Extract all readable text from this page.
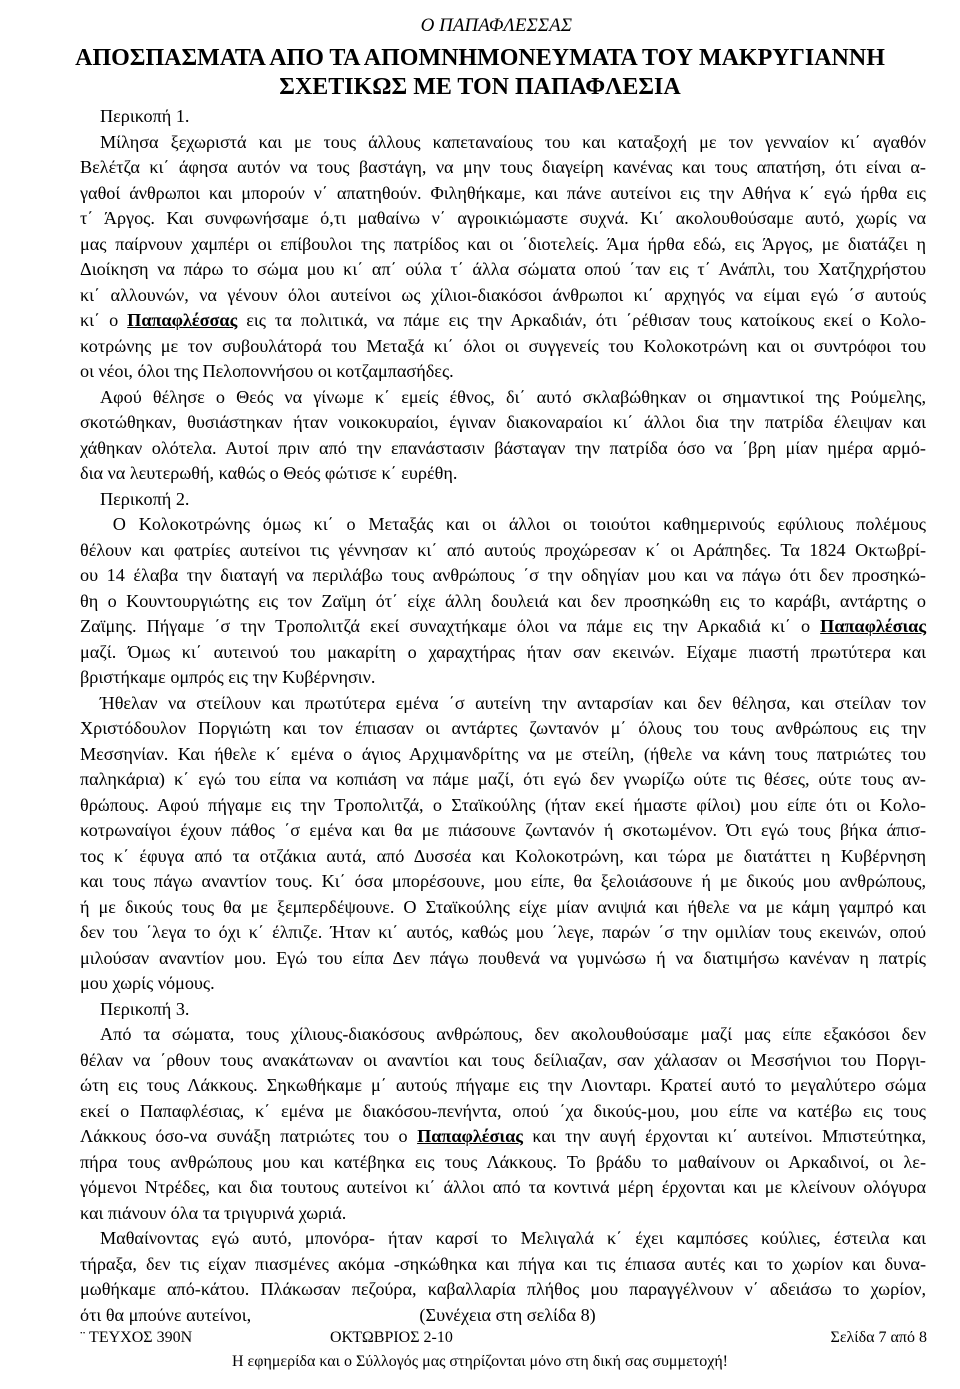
Ο ΠΑΠΑΦΛΕΣΣΑΣ
ΑΠΟΣΠΑΣΜΑΤΑ ΑΠΟ ΤΑ ΑΠΟΜΝΗΜΟΝΕΥΜΑΤΑ ΤΟΥ ΜΑΚΡΥΓΙΑΝΝΗ
ΣΧΕΤΙΚΩΣ ΜΕ ΤΟΝ ΠΑΠΑΦΛΕΣΙΑ
Περικοπή 1.
Μίλησα ξεχωριστά και με τους άλλους καπεταναίους του και καταξοχή με τον γενναίον κι΄ αγαθόν
Βελέτζα κι΄ άφησα αυτόν να τους βαστάγη, να μην τους διαγείρη κανένας και τους απατήση, ότι είναι α-
γαθοί άνθρωποι και μπορούν ν΄ απατηθούν. Φιληθήκαμε, και πάνε αυτείνοι εις την Αθήνα κ΄ εγώ ήρθα εις
τ΄ Άργος. Και συνφωνήσαμε ό,τι μαθαίνω ν΄ αγροικιώμαστε συχνά. Κι΄ ακολουθούσαμε αυτό, χωρίς να
μας παίρνουν χαμπέρι οι επίβουλοι της πατρίδος και οι ΄διοτελείς. Άμα ήρθα εδώ, εις Άργος, με διατάζει η
Διοίκηση να πάρω το σώμα μου κι΄ απ΄ ούλα τ΄ άλλα σώματα οπού ΄ταν εις τ΄ Ανάπλι, του Χατζηχρήστου
κι΄ αλλουνών, να γένουν όλοι αυτείνοι ως χίλιοι-διακόσοι άνθρωποι κι΄ αρχηγός να είμαι εγώ ΄σ αυτούς
κι΄ ο Παπαφλέσσας εις τα πολιτικά, να πάμε εις την Αρκαδιάν, ότι ΄ρέθισαν τους κατοίκους εκεί ο Κολο-
κοτρώνης με τον συβουλάτορά του Μεταξά κι΄ όλοι οι συγγενείς του Κολοκοτρώνη και οι συντρόφοι του
οι νέοι, όλοι της Πελοποννήσου οι κοτζαμπασήδες.
Αφού θέλησε ο Θεός να γίνωμε κ΄ εμείς έθνος, δι΄ αυτό σκλαβώθηκαν οι σημαντικοί της Ρούμελης,
σκοτώθηκαν, θυσιάστηκαν ήταν νοικοκυραίοι, έγιναν διακοναραίοι κι΄ άλλοι δια την πατρίδα έλειψαν και
χάθηκαν ολότελα. Αυτοί πριν από την επανάστασιν βάσταγαν την πατρίδα όσο να ΄βρη μίαν ημέρα αρμό-
δια να λευτερωθή, καθώς ο Θεός φώτισε κ΄ ευρέθη.
Περικοπή 2.
Ο Κολοκοτρώνης όμως κι΄ ο Μεταξάς και οι άλλοι οι τοιούτοι καθημερινούς εφύλιους πολέμους
θέλουν και φατρίες αυτείνοι τις γέννησαν κι΄ από αυτούς προχώρεσαν κ΄ οι Αράπηδες. Τα 1824 Οκτωβρί-
ου 14 έλαβα την διαταγή να περιλάβω τους ανθρώπους ΄σ την οδηγίαν μου και να πάγω ότι δεν προσηκώ-
θη ο Κουντουργιώτης εις τον Ζαϊμη ότ΄ είχε άλλη δουλειά και δεν προσηκώθη εις το καράβι, αντάρτης ο
Ζαϊμης. Πήγαμε ΄σ την Τροπολιτζά εκεί συναχτήκαμε όλοι να πάμε εις την Αρκαδιά κι΄ ο Παπαφλέσιας
μαζί. Όμως κι΄ αυτεινού του μακαρίτη ο χαραχτήρας ήταν σαν εκεινών. Είχαμε πιαστή πρωτύτερα και
βριστήκαμε ομπρός εις την Κυβέρνησιν.
Ήθελαν να στείλουν και πρωτύτερα εμένα ΄σ αυτείνη την ανταρσίαν και δεν θέλησα, και στείλαν τον
Χριστόδουλον Ποργιώτη και τον έπιασαν οι αντάρτες ζωντανόν μ΄ όλους του τους ανθρώπους εις την
Μεσσηνίαν. Και ήθελε κ΄ εμένα ο άγιος Αρχιμανδρίτης να με στείλη, (ήθελε να κάνη τους πατριώτες του
παληκάρια) κ΄ εγώ του είπα να κοπιάση να πάμε μαζί, ότι εγώ δεν γνωρίζω ούτε τις θέσες, ούτε τους αν-
θρώπους. Αφού πήγαμε εις την Τροπολιτζά, ο Σταϊκούλης (ήταν εκεί ήμαστε φίλοι) μου είπε ότι οι Κολο-
κοτρωναίγοι έχουν πάθος ΄σ εμένα και θα με πιάσουνε ζωντανόν ή σκοτωμένον. Ότι εγώ τους βήκα άπισ-
τος κ΄ έφυγα από τα οτζάκια αυτά, από Δυσσέα και Κολοκοτρώνη, και τώρα με διατάττει η Κυβέρνηση
και τους πάγω αναντίον τους. Κι΄ όσα μπορέσουνε, μου είπε, θα ξελοιάσουνε ή με δικούς μου ανθρώπους,
ή με δικούς τους θα με ξεμπερδέψουνε. Ο Σταϊκούλης είχε μίαν ανιψιά και ήθελε να με κάμη γαμπρό και
δεν του ΄λεγα το όχι κ΄ έλπιζε. Ήταν κι΄ αυτός, καθώς μου ΄λεγε, παρών ΄σ την ομιλίαν τους εκεινών, οπού
μιλούσαν αναντίον μου. Εγώ του είπα Δεν πάγω πουθενά να γυμνώσω ή να διατιμήσω κανέναν η πατρίς
μου χωρίς νόμους.
Περικοπή 3.
Από τα σώματα, τους χίλιους-διακόσους ανθρώπους, δεν ακολουθούσαμε μαζί μας είπε εξακόσοι δεν
θέλαν να ΄ρθουν τους ανακάτωναν οι αναντίοι και τους δείλιαζαν, σαν χάλασαν οι Μεσσήνιοι του Ποργι-
ώτη εις τους Λάκκους. Σηκωθήκαμε μ΄ αυτούς πήγαμε εις την Λιονταρι. Κρατεί αυτό το μεγαλύτερο σώμα
εκεί ο Παπαφλέσιας, κ΄ εμένα με διακόσου-πενήντα, οπού ΄χα δικούς-μου, μου είπε να κατέβω εις τους
Λάκκους όσο-να συνάξη πατριώτες του ο Παπαφλέσιας και την αυγή έρχονται κι΄ αυτείνοι. Μπιστεύτηκα,
πήρα τους ανθρώπους μου και κατέβηκα εις τους Λάκκους. Το βράδυ το μαθαίνουν οι Αρκαδινοί, οι λε-
γόμενοι Ντρέδες, και δια τουτους αυτείνοι κι΄ άλλοι από τα κοντινά μέρη έρχονται και με κλείνουν ολόγυρα
και πιάνουν όλα τα τριγυρινά χωριά.
Μαθαίνοντας εγώ αυτό, μπονόρα- ήταν καρσί το Μελιγαλά κ΄ έχει καμπόσες κούλιες, έστειλα και
τήραξα, δεν τις είχαν πιασμένες ακόμα -σηκώθηκα και πήγα και τις έπιασα αυτές και το χωρίον και δυνα-
μωθήκαμε από-κάτου. Πλάκωσαν πεζούρα, καβαλλαρία πλήθος μου παραγγέλνουν ν΄ αδειάσω το χωρίον,
ότι θα μπούνε αυτείνοι,                                     (Συνέχεια στη σελίδα 8)
¨ ΤΕΥΧΟΣ 390Ν	ΟΚΤΩΒΡΙΟΣ 2-10	Σελίδα 7 από 8
Η εφημερίδα και ο Σύλλογός μας στηρίζονται μόνο στη δική σας συμμετοχή!
